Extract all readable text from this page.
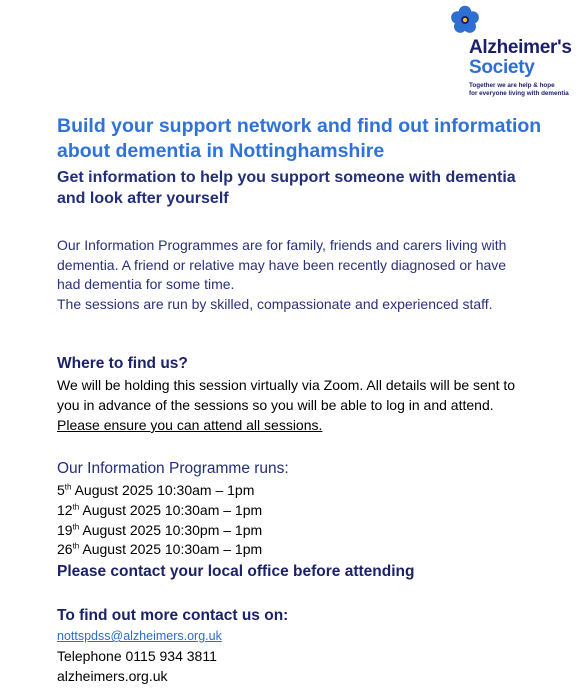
Alzheimer's
Society
Together we are help & hope
for everyone living with dementia
Build your support network and find out information about dementia in Nottinghamshire

Get information to help you support someone with dementia and look after yourself

Our Information Programmes are for family, friends and carers living with dementia. A friend or relative may have been recently diagnosed or have had dementia for some time.

The sessions are run by skilled, compassionate and experienced staff.

Where to find us?
We will be holding this session virtually via Zoom. All details will be sent to you in advance of the sessions so you will be able to log in and attend. Please ensure you can attend all sessions.
Our Information Programme runs:
5th August 2025 10:30am – 1pm
12th August 2025 10:30am – 1pm
19th August 2025 10:30pm – 1pm
26th August 2025 10:30am – 1pm
Please contact your local office before attending
To find out more contact us on:
nottspdss@alzheimers.org.uk
Telephone 0115 934 3811
alzheimers.org.uk
